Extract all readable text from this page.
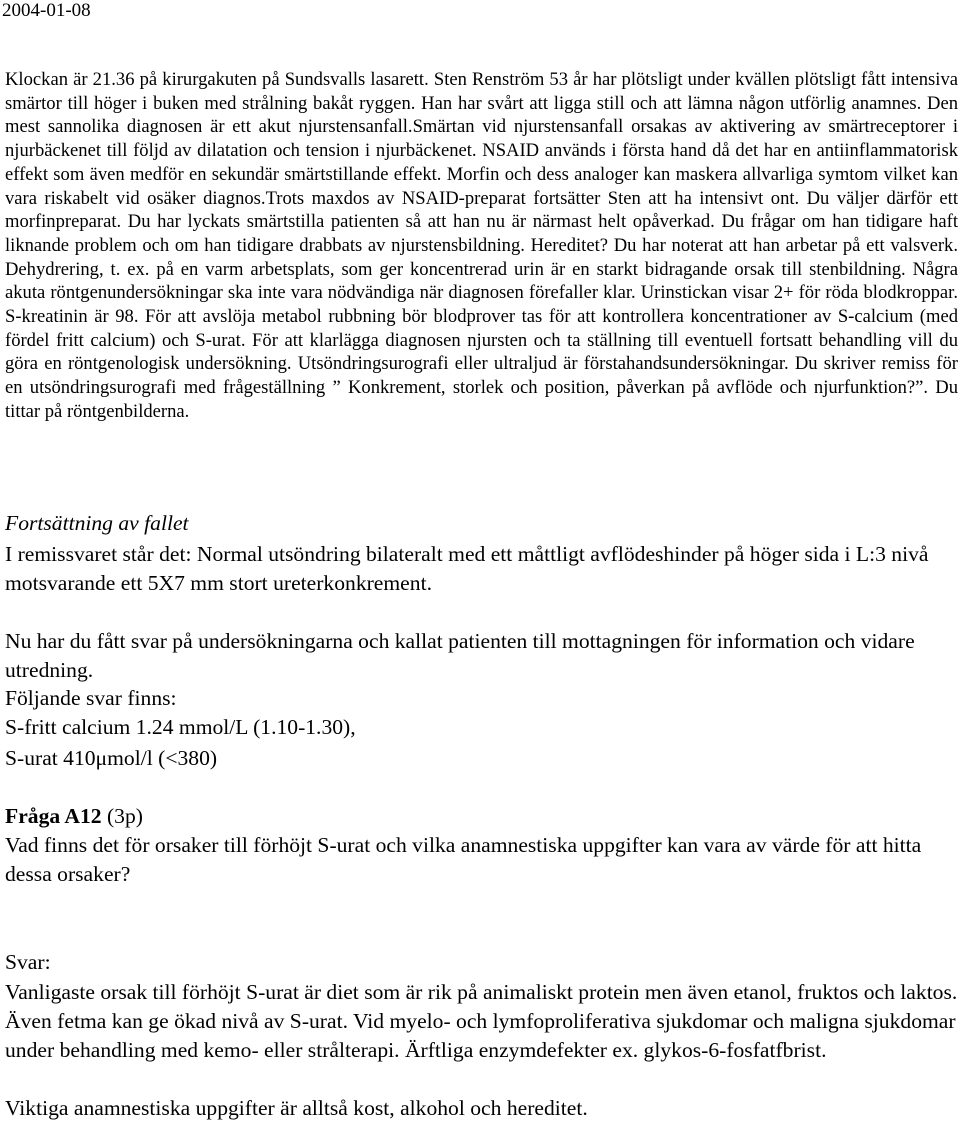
2004-01-08
Klockan är 21.36 på kirurgakuten på Sundsvalls lasarett. Sten Renström 53 år har plötsligt under kvällen plötsligt fått intensiva smärtor till höger i buken med strålning bakåt ryggen. Han har svårt att ligga still och att lämna någon utförlig anamnes. Den mest sannolika diagnosen är ett akut njurstensanfall.Smärtan vid njurstensanfall orsakas av aktivering av smärtreceptorer i njurbäckenet till följd av dilatation och tension i njurbäckenet. NSAID används i första hand då det har en antiinflammatorisk effekt som även medför en sekundär smärtstillande effekt. Morfin och dess analoger kan maskera allvarliga symtom vilket kan vara riskabelt vid osäker diagnos.Trots maxdos av NSAID-preparat fortsätter Sten att ha intensivt ont. Du väljer därför ett morfinpreparat. Du har lyckats smärtstilla patienten så att han nu är närmast helt opåverkad. Du frågar om han tidigare haft liknande problem och om han tidigare drabbats av njurstensbildning. Hereditet? Du har noterat att han arbetar på ett valsverk. Dehydrering, t. ex. på en varm arbetsplats, som ger koncentrerad urin är en starkt bidragande orsak till stenbildning. Några akuta röntgenundersökningar ska inte vara nödvändiga när diagnosen förefaller klar. Urinstickan visar 2+ för röda blodkroppar. S-kreatinin är 98. För att avslöja metabol rubbning bör blodprover tas för att kontrollera koncentrationer av S-calcium (med fördel fritt calcium) och S-urat. För att klarlägga diagnosen njursten och ta ställning till eventuell fortsatt behandling vill du göra en röntgenologisk undersökning. Utsöndringsurografi eller ultraljud är förstahandsundersökningar. Du skriver remiss för en utsöndringsurografi med frågeställning ” Konkrement, storlek och position, påverkan på avflöde och njurfunktion?”. Du tittar på röntgenbilderna.
Fortsättning av fallet
I remissvaret står det: Normal utsöndring bilateralt med ett måttligt avflödeshinder på höger sida i L:3 nivå motsvarande ett 5X7 mm stort ureterkonkrement.
Nu har du fått svar på undersökningarna och kallat patienten till mottagningen för information och vidare utredning.
Följande svar finns:
S-fritt calcium 1.24 mmol/L (1.10-1.30),
S-urat 410μmol/l (<380)
Fråga A12 (3p)
Vad finns det för orsaker till förhöjt S-urat och vilka anamnestiska uppgifter kan vara av värde för att hitta dessa orsaker?
Svar:
Vanligaste orsak till förhöjt S-urat är diet som är rik på animaliskt protein men även etanol, fruktos och laktos. Även fetma kan ge ökad nivå av S-urat. Vid myelo- och lymfoproliferativa sjukdomar och maligna sjukdomar under behandling med kemo- eller strålterapi. Ärftliga enzymdefekter ex. glykos-6-fosfatfbrist.
Viktiga anamnestiska uppgifter är alltså kost, alkohol och hereditet.
